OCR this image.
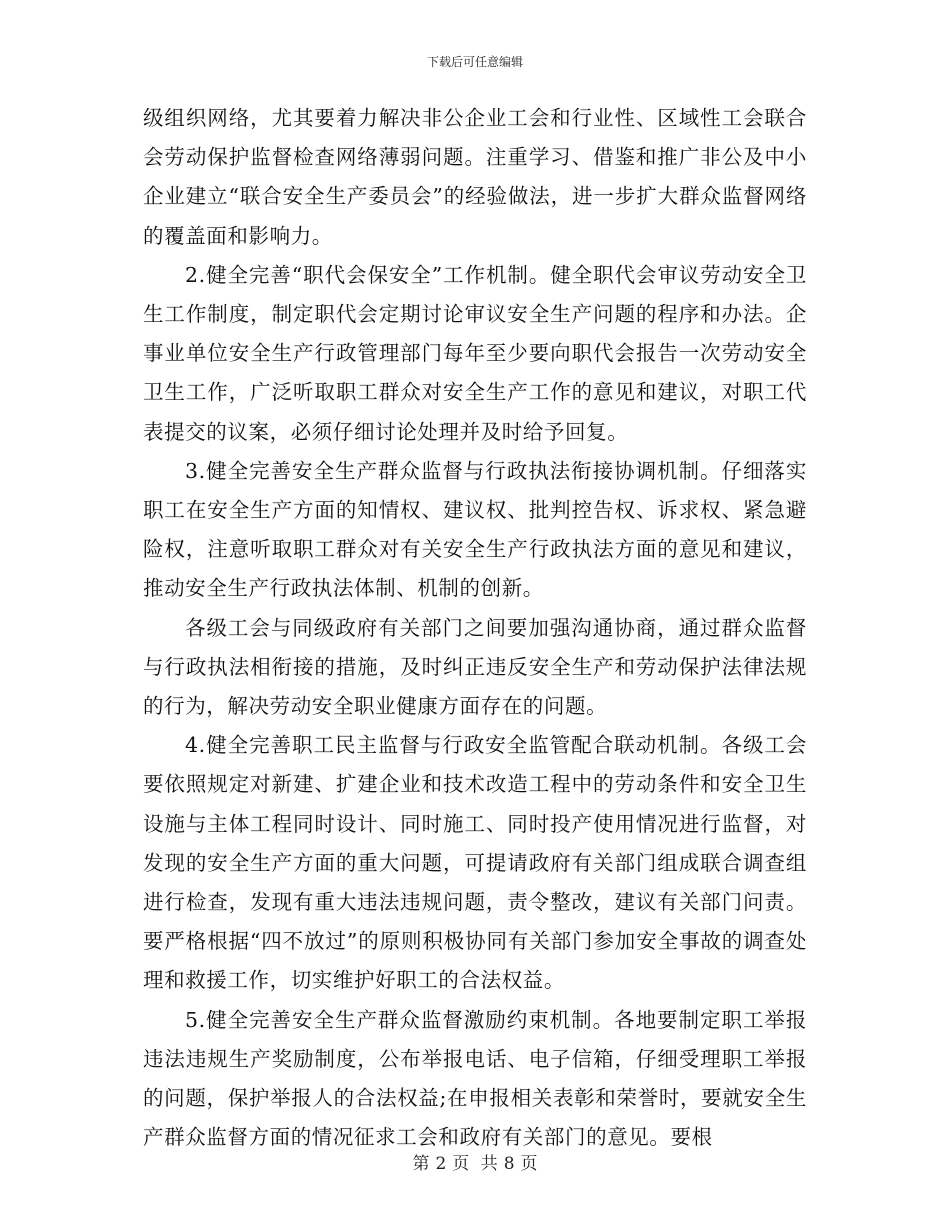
下载后可任意编辑

级组织网络，尤其要着力解决非公企业工会和行业性、区域性工会联合会劳动保护监督检查网络薄弱问题。注重学习、借鉴和推广非公及中小企业建立“联合安全生产委员会”的经验做法，进一步扩大群众监督网络的覆盖面和影响力。

2.健全完善“职代会保安全”工作机制。健全职代会审议劳动安全卫生工作制度，制定职代会定期讨论审议安全生产问题的程序和办法。企事业单位安全生产行政管理部门每年至少要向职代会报告一次劳动安全卫生工作，广泛听取职工群众对安全生产工作的意见和建议，对职工代表提交的议案，必须仔细讨论处理并及时给予回复。

3.健全完善安全生产群众监督与行政执法衔接协调机制。仔细落实职工在安全生产方面的知情权、建议权、批判控告权、诉求权、紧急避险权，注意听取职工群众对有关安全生产行政执法方面的意见和建议，推动安全生产行政执法体制、机制的创新。

各级工会与同级政府有关部门之间要加强沟通协商，通过群众监督与行政执法相衔接的措施，及时纠正违反安全生产和劳动保护法律法规的行为，解决劳动安全职业健康方面存在的问题。

4.健全完善职工民主监督与行政安全监管配合联动机制。各级工会要依照规定对新建、扩建企业和技术改造工程中的劳动条件和安全卫生设施与主体工程同时设计、同时施工、同时投产使用情况进行监督，对发现的安全生产方面的重大问题，可提请政府有关部门组成联合调查组进行检查，发现有重大违法违规问题，责令整改，建议有关部门问责。要严格根据“四不放过”的原则积极协同有关部门参加安全事故的调查处理和救援工作，切实维护好职工的合法权益。

5.健全完善安全生产群众监督激励约束机制。各地要制定职工举报违法违规生产奖励制度，公布举报电话、电子信箱，仔细受理职工举报的问题，保护举报人的合法权益;在申报相关表彰和荣誉时，要就安全生产群众监督方面的情况征求工会和政府有关部门的意见。要根

第 2 页 共 8 页
